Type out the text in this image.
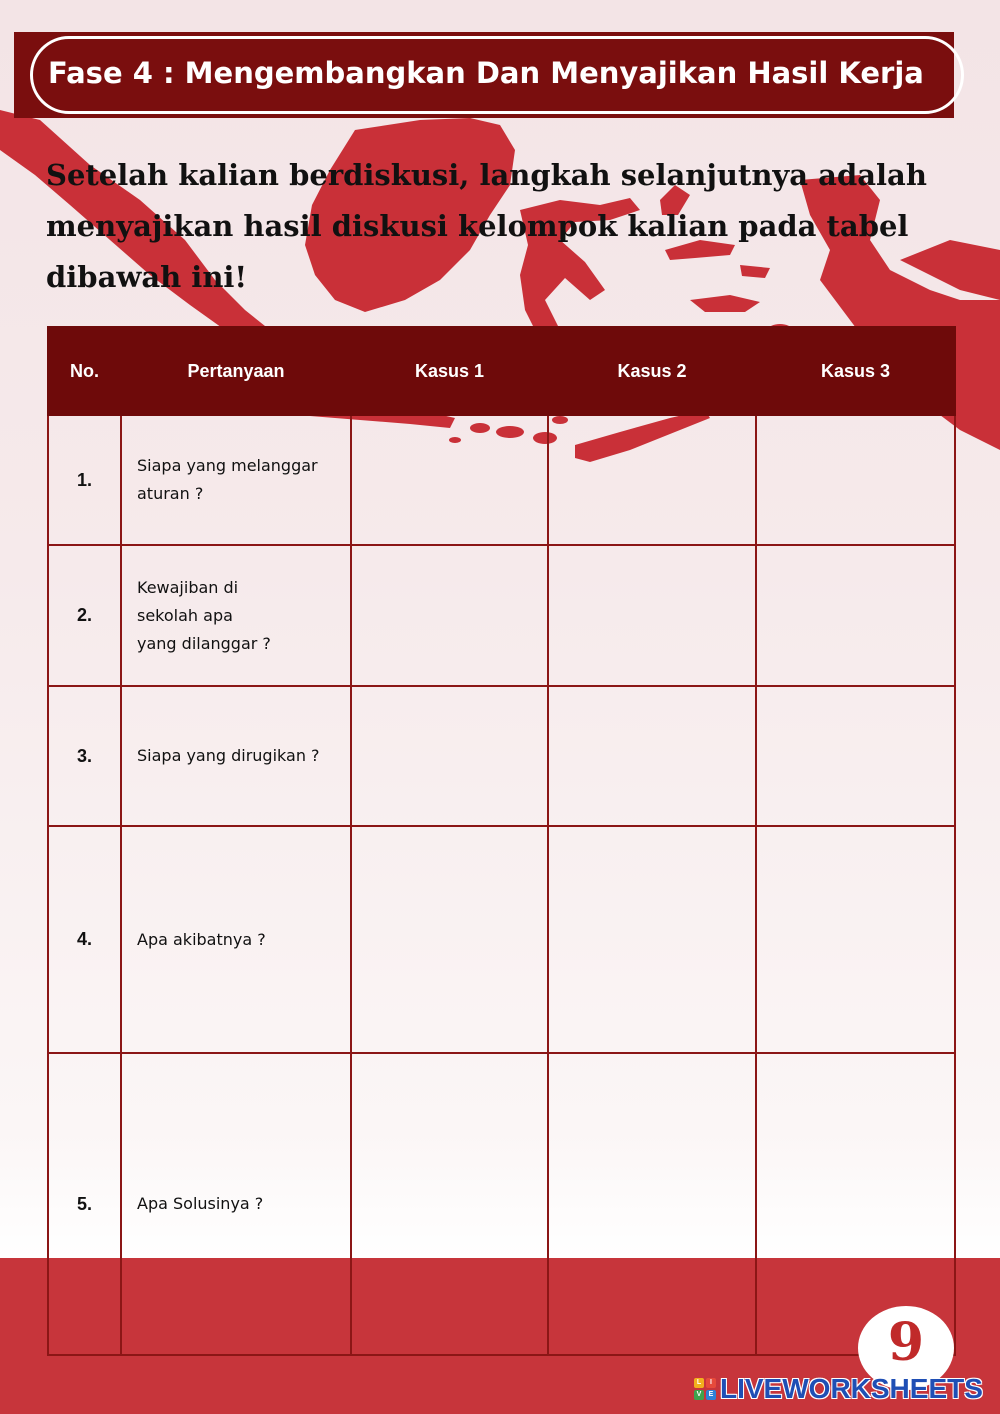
Fase 4 : Mengembangkan Dan Menyajikan Hasil Kerja

Setelah kalian berdiskusi, langkah selanjutnya adalah menyajikan hasil diskusi kelompok kalian pada tabel dibawah ini!

No.	Pertanyaan	Kasus 1	Kasus 2	Kasus 3
1.	Siapa yang melanggar
aturan ?			

2.	Kewajiban di
sekolah apa
yang dilanggar ?			

3.	Siapa yang dirugikan ?			

4.	Apa akibatnya ?			

5.	Apa Solusinya ?			

9
L	I
V	E LIVEWORKSHEETS
